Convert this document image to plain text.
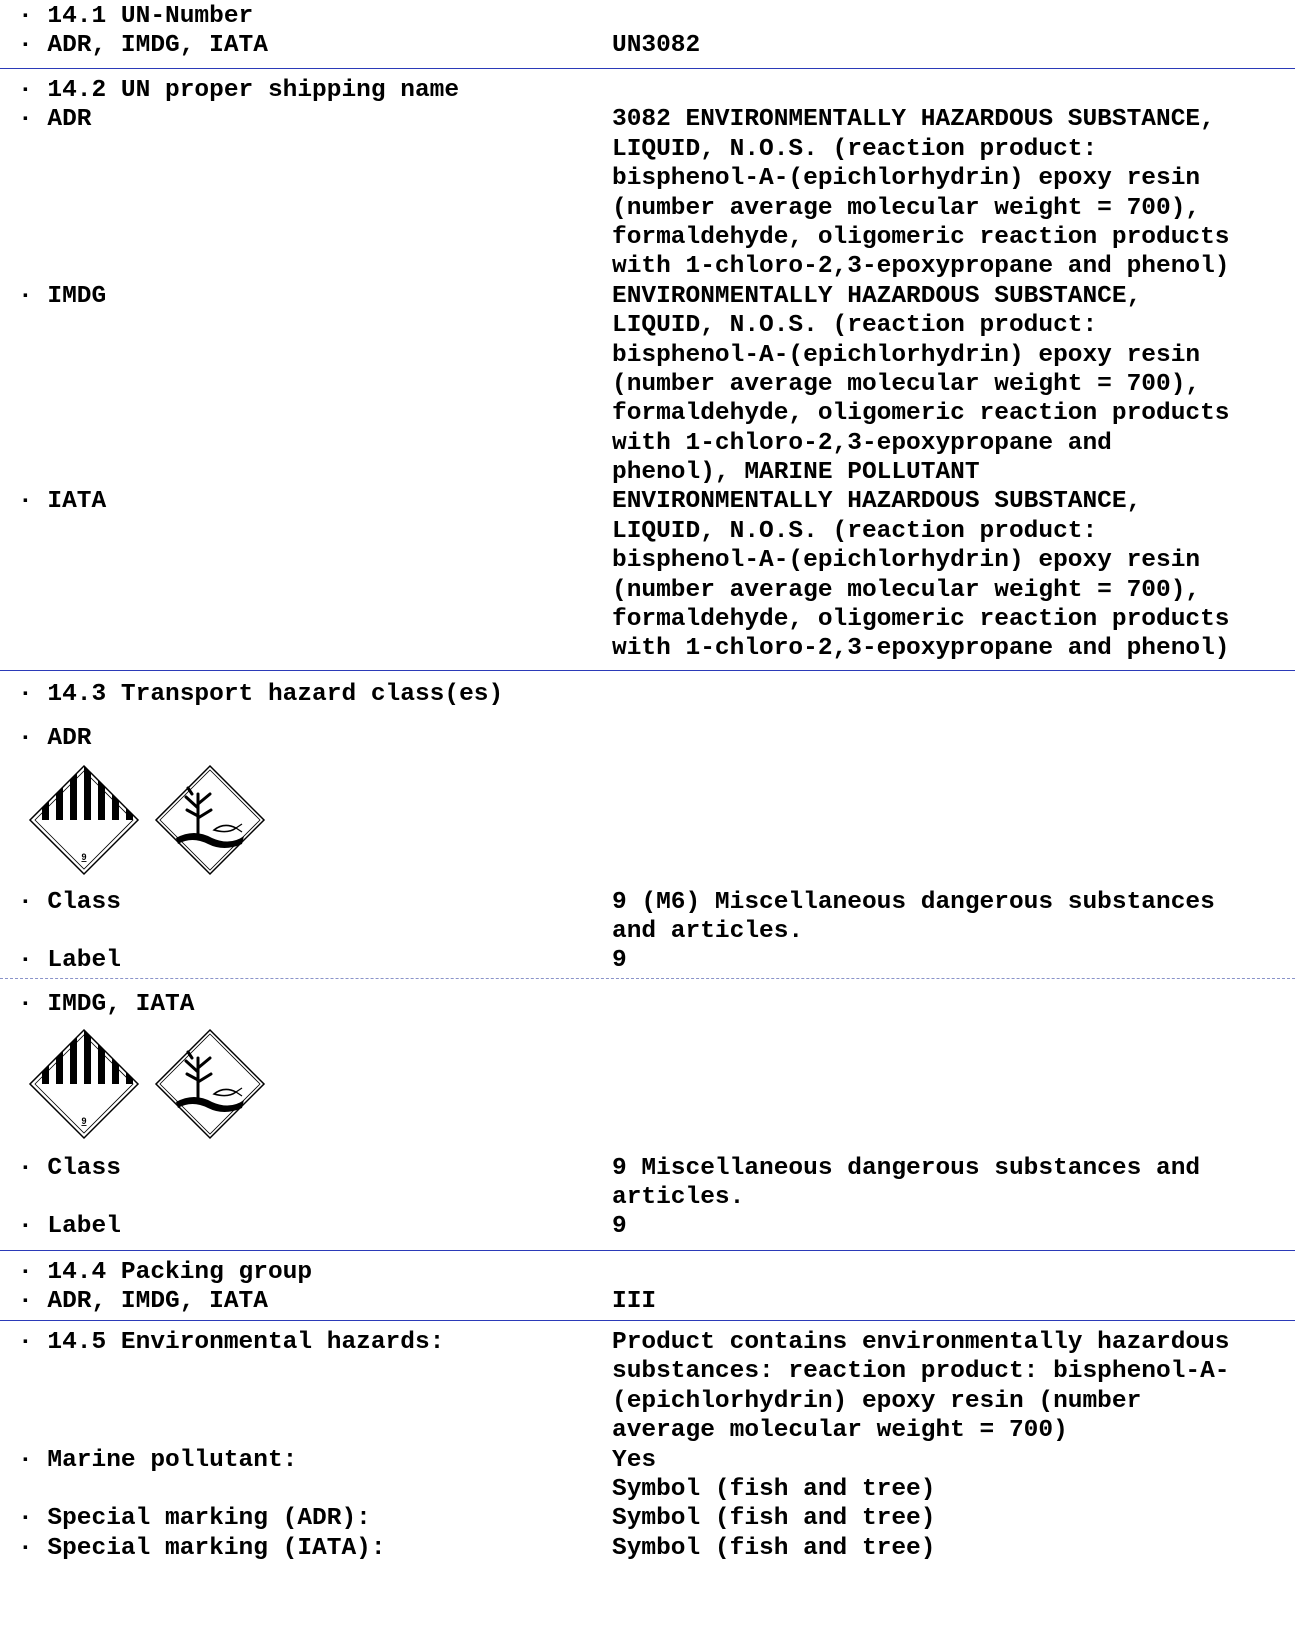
· 14.1 UN-Number

· ADR, IMDG, IATA

	UN3082

· 14.2 UN proper shipping name

· ADR

	3082 ENVIRONMENTALLY HAZARDOUS SUBSTANCE,

LIQUID, N.O.S. (reaction product:
bisphenol-A-(epichlorhydrin) epoxy resin
(number average molecular weight = 700),
formaldehyde, oligomeric reaction products
with 1-chloro-2,3-epoxypropane and phenol)

· IMDG

	ENVIRONMENTALLY HAZARDOUS SUBSTANCE,

LIQUID, N.O.S. (reaction product:
bisphenol-A-(epichlorhydrin) epoxy resin
(number average molecular weight = 700),
formaldehyde, oligomeric reaction products
with 1-chloro-2,3-epoxypropane and
phenol), MARINE POLLUTANT

· IATA

	ENVIRONMENTALLY HAZARDOUS SUBSTANCE,

LIQUID, N.O.S. (reaction product:
bisphenol-A-(epichlorhydrin) epoxy resin
(number average molecular weight = 700),
formaldehyde, oligomeric reaction products
with 1-chloro-2,3-epoxypropane and phenol)

· 14.3 Transport hazard class(es)

· ADR

9

· Class

	9 (M6) Miscellaneous dangerous substances

and articles.

· Label

	9

· IMDG, IATA

9

· Class

	9 Miscellaneous dangerous substances and

articles.

· Label

	9

· 14.4 Packing group

· ADR, IMDG, IATA

	III

· 14.5 Environmental hazards:

	Product contains environmentally hazardous

substances: reaction product: bisphenol-A-
(epichlorhydrin) epoxy resin (number
average molecular weight = 700)

· Marine pollutant:

	Yes

Symbol (fish and tree)

· Special marking (ADR):

	Symbol (fish and tree)

· Special marking (IATA):

	Symbol (fish and tree)
